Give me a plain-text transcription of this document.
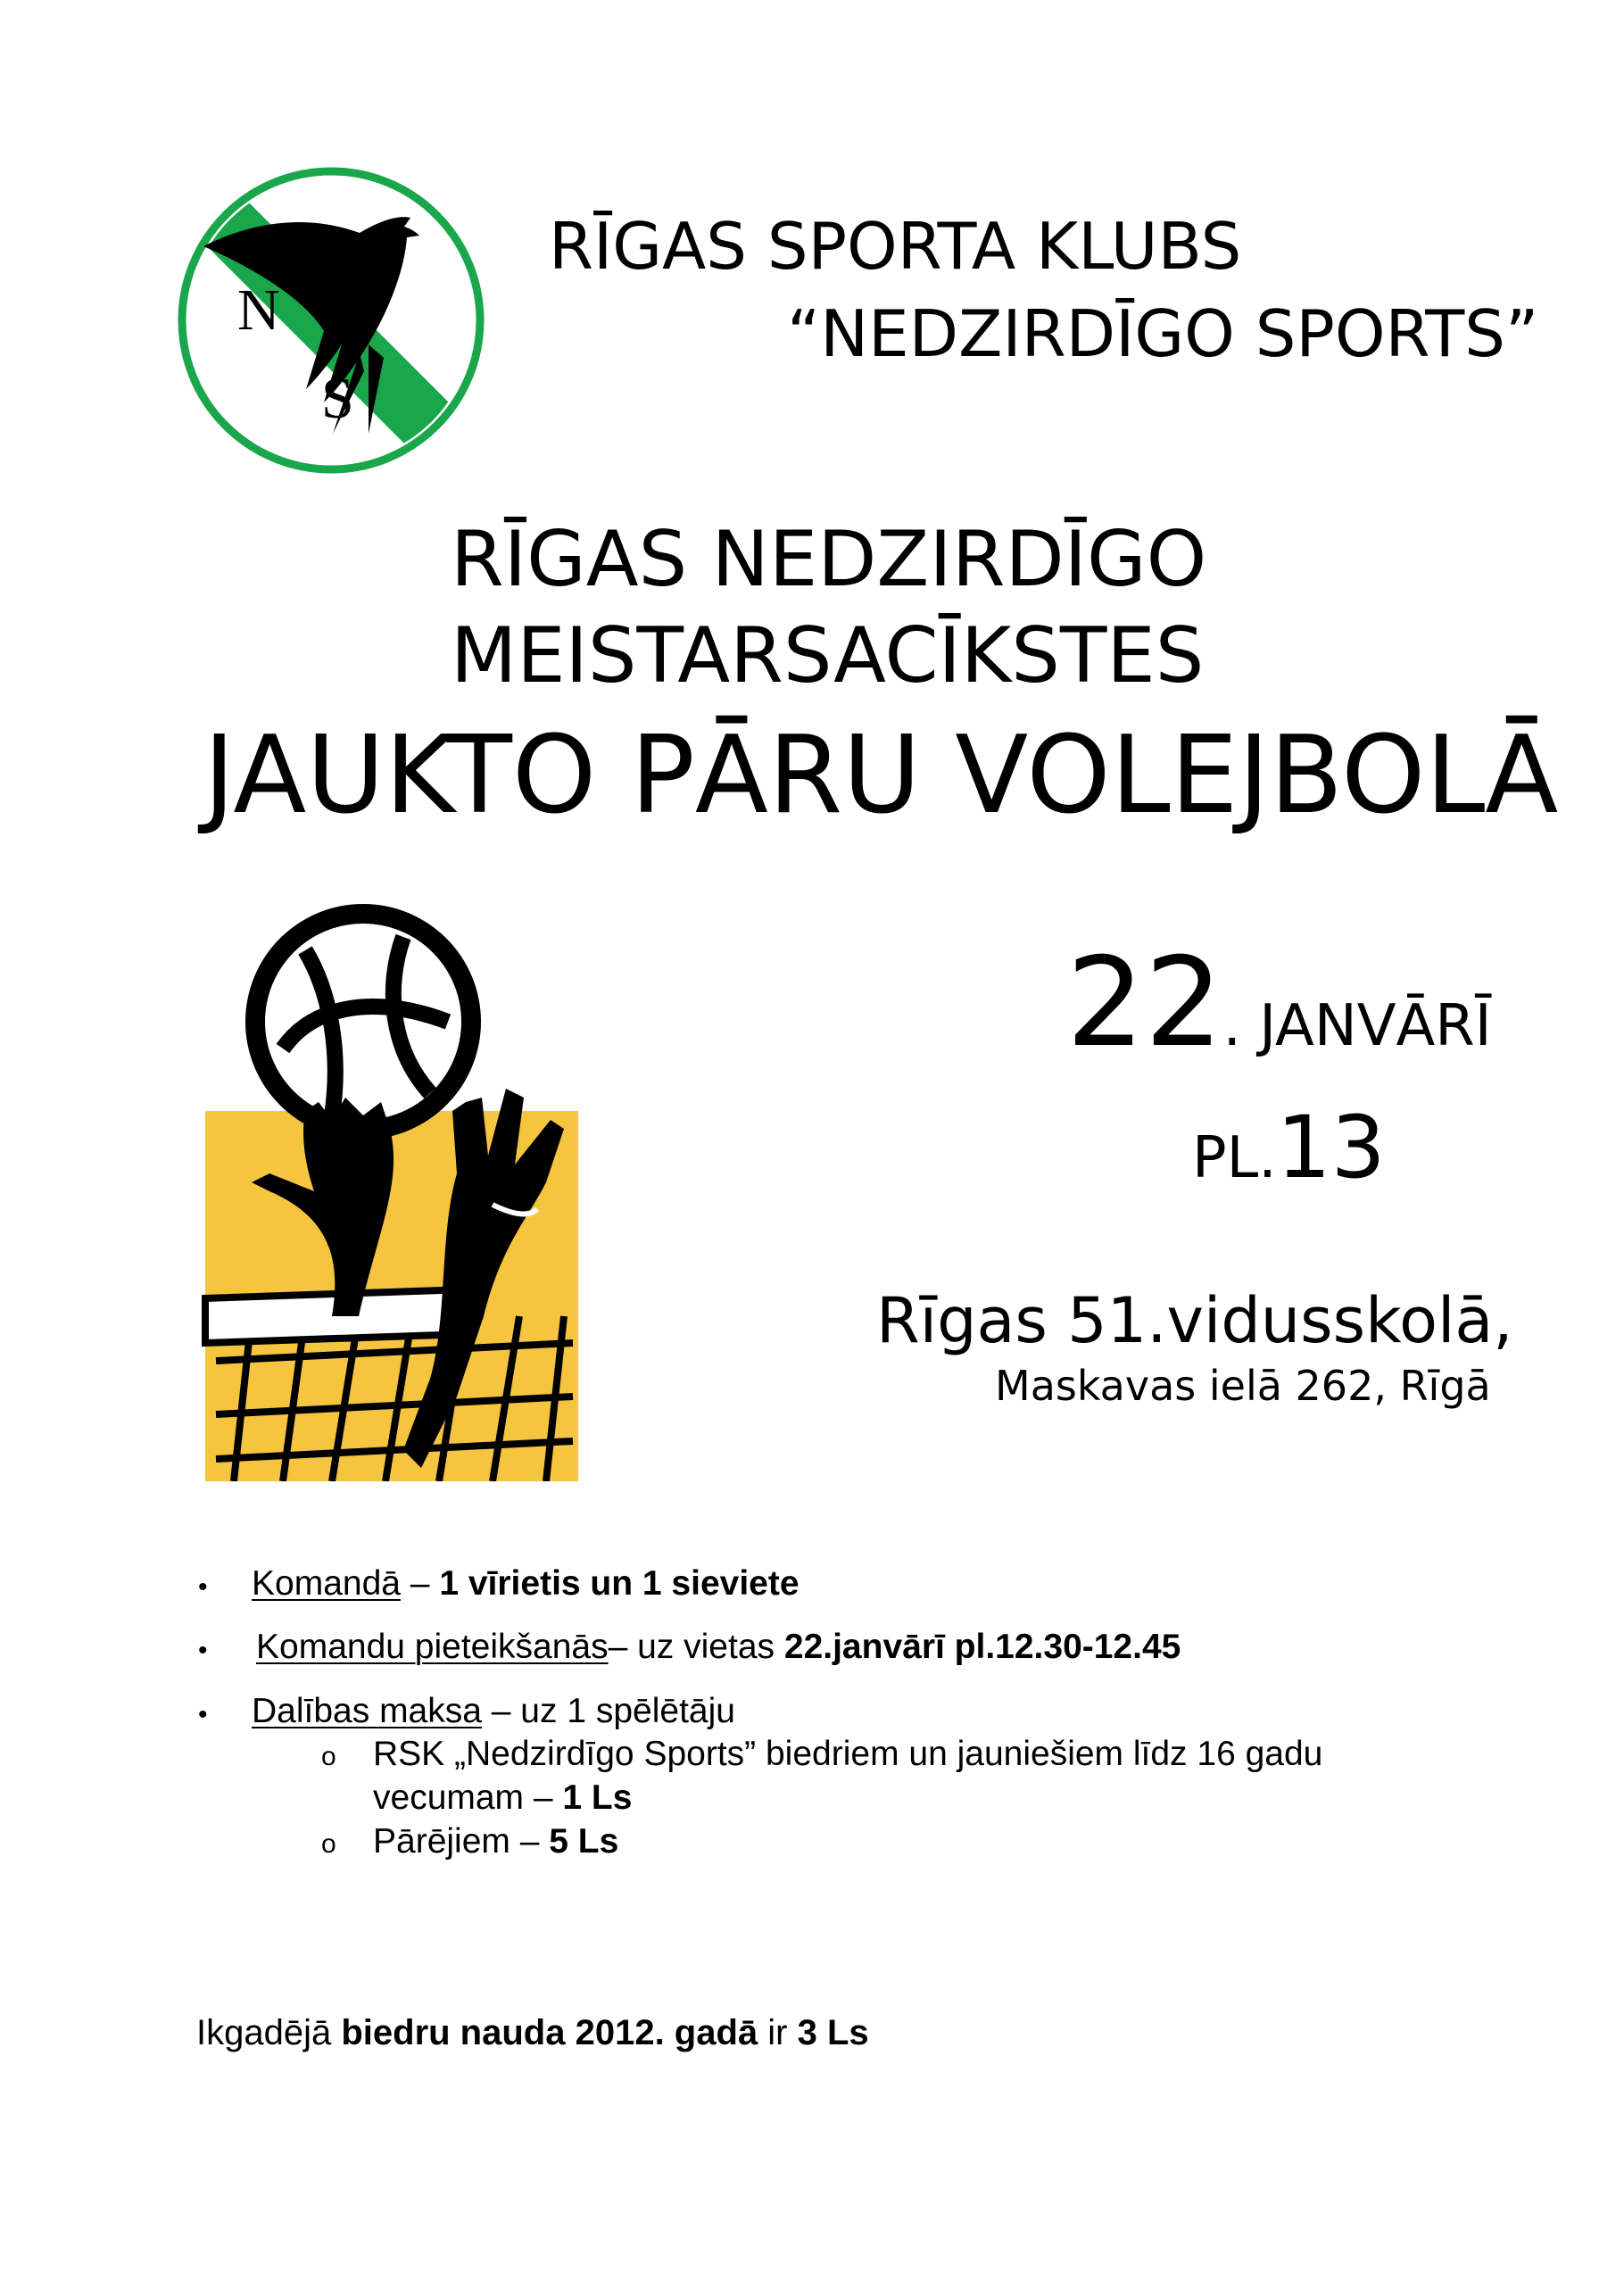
N
S
RĪGAS SPORTA KLUBS
“NEDZIRDĪGO SPORTS”
RĪGAS NEDZIRDĪGO
MEISTARSACĪKSTES
JAUKTO PĀRU VOLEJBOLĀ
22. JANVĀRĪ
PL.13
Rīgas 51.vidusskolā,
Maskavas ielā 262, Rīgā
• Komandā – 1 vīrietis un 1 sieviete
• Komandu pieteikšanās– uz vietas 22.janvārī pl.12.30-12.45
• Dalības maksa – uz 1 spēlētāju
o RSK „Nedzirdīgo Sports” biedriem un jauniešiem līdz 16 gadu
vecumam – 1 Ls
o Pārējiem – 5 Ls
Ikgadējā biedru nauda 2012. gadā ir 3 Ls
